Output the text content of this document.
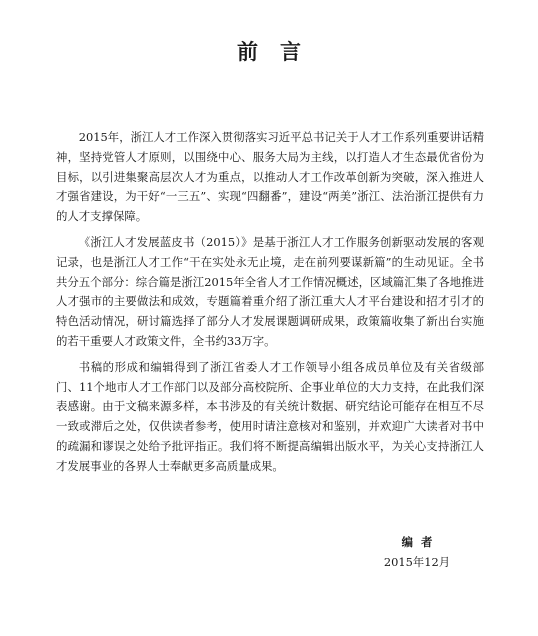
前言

2015年，浙江人才工作深入贯彻落实习近平总书记关于人才工作系列重要讲话精神，坚持党管人才原则，以围绕中心、服务大局为主线，以打造人才生态最优省份为目标，以引进集聚高层次人才为重点，以推动人才工作改革创新为突破，深入推进人才强省建设，为干好“一三五”、实现“四翻番”，建设“两美”浙江、法治浙江提供有力的人才支撑保障。

《浙江人才发展蓝皮书（2015）》是基于浙江人才工作服务创新驱动发展的客观记录，也是浙江人才工作“干在实处永无止境，走在前列要谋新篇”的生动见证。全书共分五个部分：综合篇是浙江2015年全省人才工作情况概述，区域篇汇集了各地推进人才强市的主要做法和成效，专题篇着重介绍了浙江重大人才平台建设和招才引才的特色活动情况，研讨篇选择了部分人才发展课题调研成果，政策篇收集了新出台实施的若干重要人才政策文件，全书约33万字。

书稿的形成和编辑得到了浙江省委人才工作领导小组各成员单位及有关省级部门、11个地市人才工作部门以及部分高校院所、企事业单位的大力支持，在此我们深表感谢。由于文稿来源多样，本书涉及的有关统计数据、研究结论可能存在相互不尽一致或滞后之处，仅供读者参考，使用时请注意核对和鉴别，并欢迎广大读者对书中的疏漏和谬误之处给予批评指正。我们将不断提高编辑出版水平，为关心支持浙江人才发展事业的各界人士奉献更多高质量成果。

编者
2015年12月
